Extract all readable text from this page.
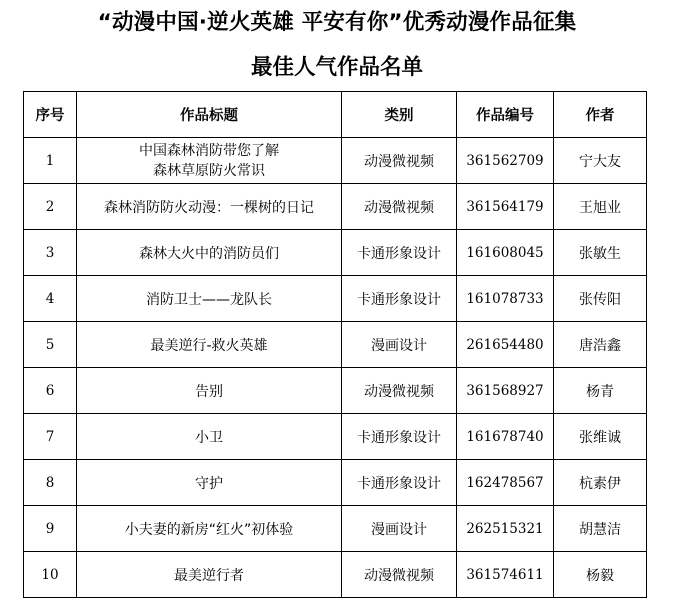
“动漫中国·逆火英雄 平安有你”优秀动漫作品征集
最佳人气作品名单
序号	作品标题	类别	作品编号	作者
1	中国森林消防带您了解
森林草原防火常识	动漫微视频	361562709	宁大友
2	森林消防防火动漫：一棵树的日记	动漫微视频	361564179	王旭业
3	森林大火中的消防员们	卡通形象设计	161608045	张敏生
4	消防卫士——龙队长	卡通形象设计	161078733	张传阳
5	最美逆行-救火英雄	漫画设计	261654480	唐浩鑫
6	告别	动漫微视频	361568927	杨青
7	小卫	卡通形象设计	161678740	张维诚
8	守护	卡通形象设计	162478567	杭素伊
9	小夫妻的新房“红火”初体验	漫画设计	262515321	胡慧洁
10	最美逆行者	动漫微视频	361574611	杨毅
